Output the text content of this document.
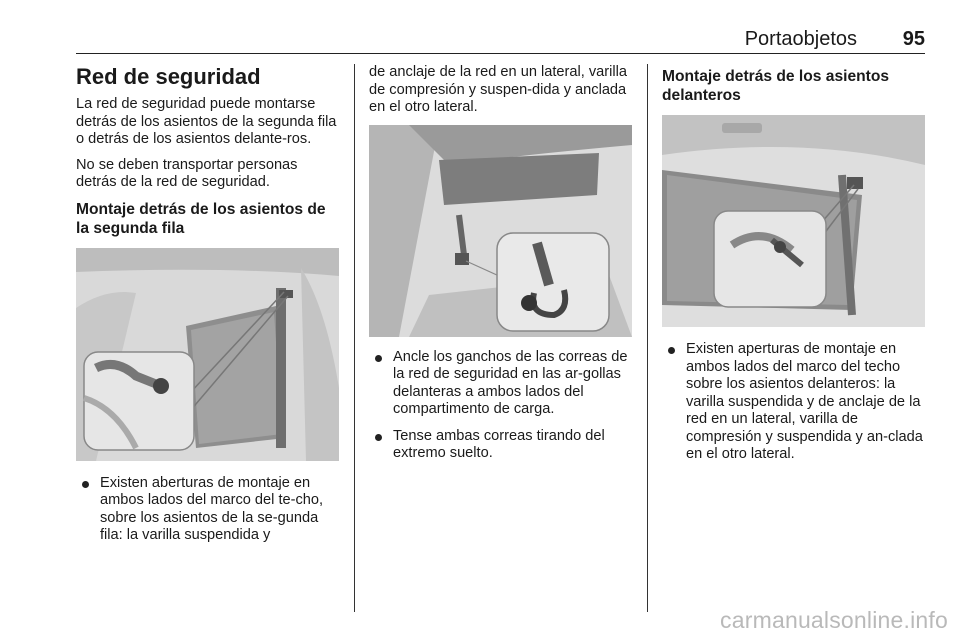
Portaobjetos 95
Red de seguridad

La red de seguridad puede montarse detrás de los asientos de la segunda fila o detrás de los asientos delante-ros.

No se deben transportar personas detrás de la red de seguridad.

Montaje detrás de los asientos de la segunda fila
Existen aberturas de montaje en ambos lados del marco del te-cho, sobre los asientos de la se-gunda fila: la varilla suspendida y

de anclaje de la red en un lateral, varilla de compresión y suspen-dida y anclada en el otro lateral.

Ancle los ganchos de las correas de la red de seguridad en las ar-gollas delanteras a ambos lados del compartimento de carga.
Tense ambas correas tirando del extremo suelto.
Montaje detrás de los asientos delanteros
Existen aperturas de montaje en ambos lados del marco del techo sobre los asientos delanteros: la varilla suspendida y de anclaje de la red en un lateral, varilla de compresión y suspendida y an-clada en el otro lateral.
carmanualsonline.info
